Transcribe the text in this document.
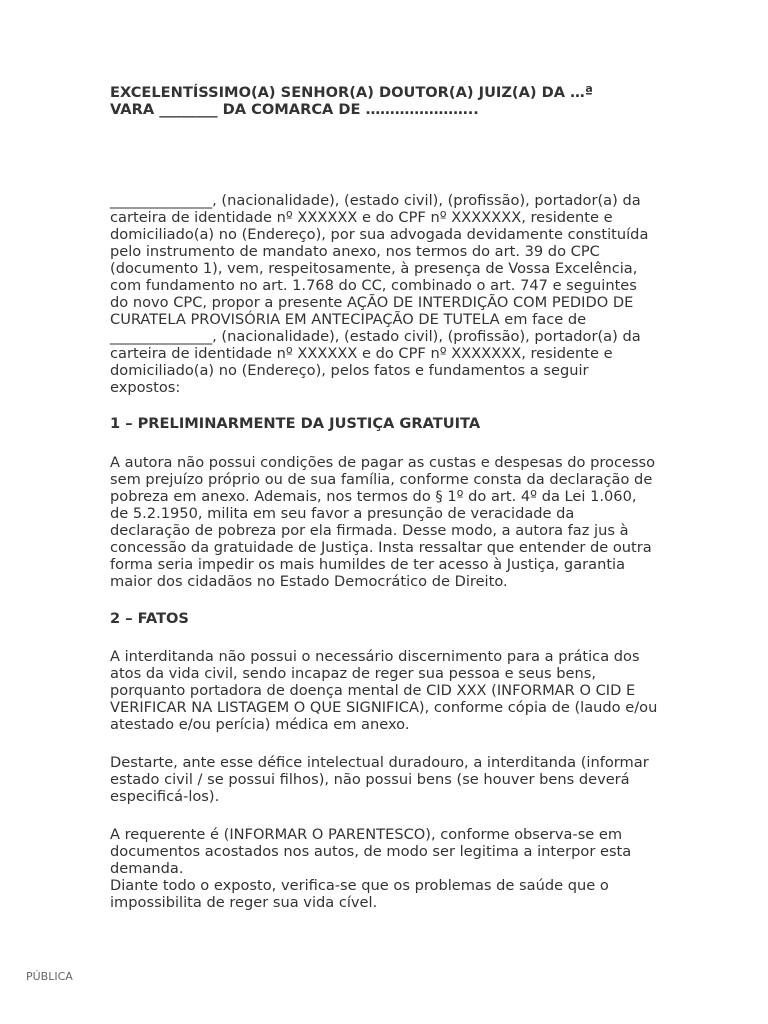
EXCELENTÍSSIMO(A) SENHOR(A) DOUTOR(A) JUIZ(A) DA …ª
VARA ________ DA COMARCA DE …………………..

______________, (nacionalidade), (estado civil), (profissão), portador(a) da carteira de identidade nº XXXXXX e do CPF nº XXXXXXX, residente e domiciliado(a) no (Endereço), por sua advogada devidamente constituída pelo instrumento de mandato anexo, nos termos do art. 39 do CPC (documento 1), vem, respeitosamente, à presença de Vossa Excelência, com fundamento no art. 1.768 do CC, combinado o art. 747 e seguintes do novo CPC, propor a presente AÇÃO DE INTERDIÇÃO COM PEDIDO DE CURATELA PROVISÓRIA EM ANTECIPAÇÃO DE TUTELA em face de ______________, (nacionalidade), (estado civil), (profissão), portador(a) da carteira de identidade nº XXXXXX e do CPF nº XXXXXXX, residente e domiciliado(a) no (Endereço), pelos fatos e fundamentos a seguir expostos:

1 – PRELIMINARMENTE DA JUSTIÇA GRATUITA

A autora não possui condições de pagar as custas e despesas do processo sem prejuízo próprio ou de sua família, conforme consta da declaração de pobreza em anexo. Ademais, nos termos do § 1º do art. 4º da Lei 1.060, de 5.2.1950, milita em seu favor a presunção de veracidade da declaração de pobreza por ela firmada. Desse modo, a autora faz jus à concessão da gratuidade de Justiça. Insta ressaltar que entender de outra forma seria impedir os mais humildes de ter acesso à Justiça, garantia maior dos cidadãos no Estado Democrático de Direito.

2 – FATOS

A interditanda não possui o necessário discernimento para a prática dos atos da vida civil, sendo incapaz de reger sua pessoa e seus bens, porquanto portadora de doença mental de CID XXX (INFORMAR O CID E VERIFICAR NA LISTAGEM O QUE SIGNIFICA), conforme cópia de (laudo e/ou atestado e/ou perícia) médica em anexo.

Destarte, ante esse défice intelectual duradouro, a interditanda (informar estado civil / se possui filhos), não possui bens (se houver bens deverá especificá-los).

A requerente é (INFORMAR O PARENTESCO), conforme observa-se em documentos acostados nos autos, de modo ser legitima a interpor esta demanda.

Diante todo o exposto, verifica-se que os problemas de saúde que o impossibilita de reger sua vida cível.

PÚBLICA
